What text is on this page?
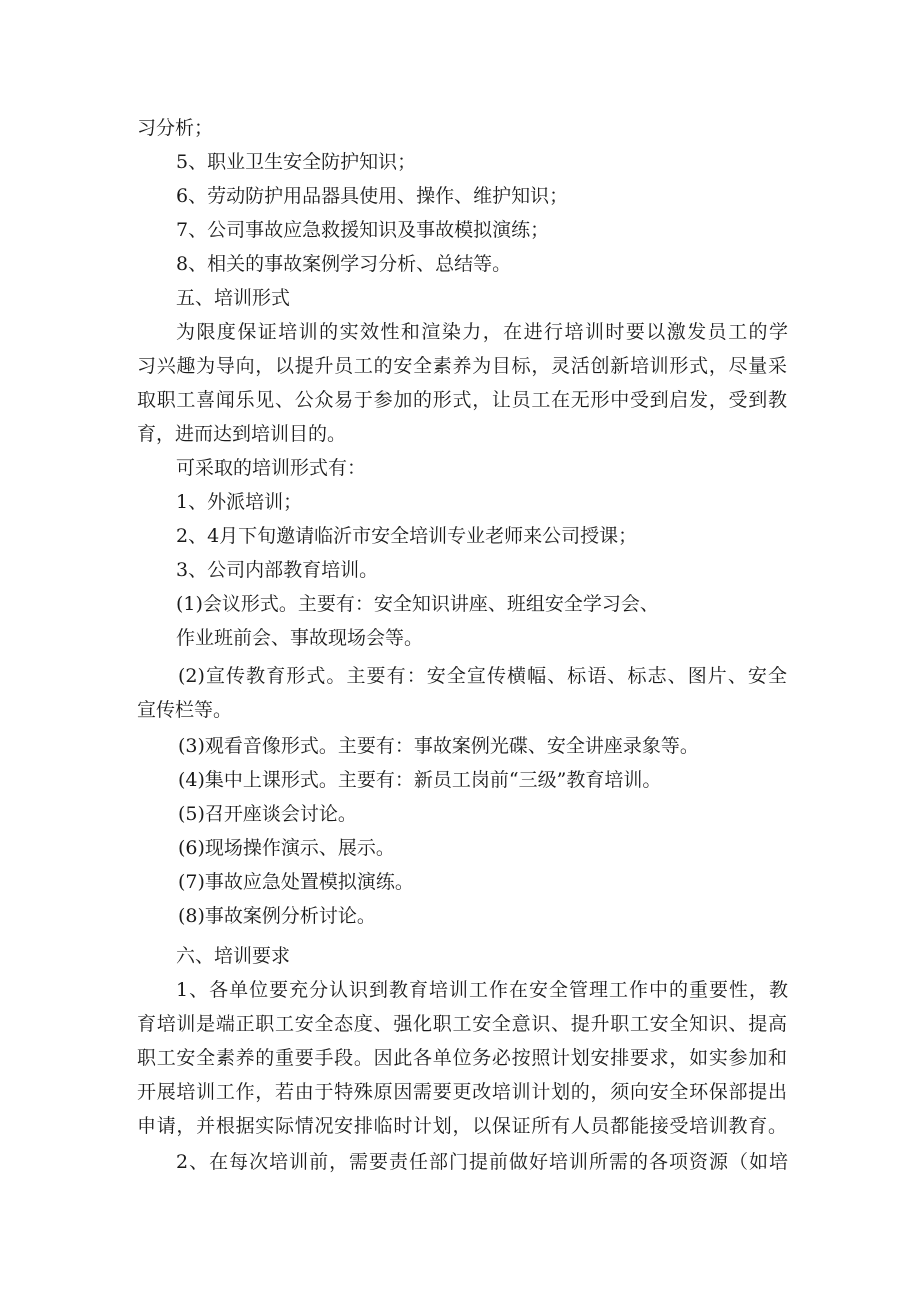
习分析；
5、职业卫生安全防护知识；
6、劳动防护用品器具使用、操作、维护知识；
7、公司事故应急救援知识及事故模拟演练；
8、相关的事故案例学习分析、总结等。
五、培训形式
为限度保证培训的实效性和渲染力，在进行培训时要以激发员工的学
习兴趣为导向，以提升员工的安全素养为目标，灵活创新培训形式，尽量采
取职工喜闻乐见、公众易于参加的形式，让员工在无形中受到启发，受到教
育，进而达到培训目的。
可采取的培训形式有：
1、外派培训；
2、4月下旬邀请临沂市安全培训专业老师来公司授课；
3、公司内部教育培训。
(1)会议形式。主要有：安全知识讲座、班组安全学习会、
作业班前会、事故现场会等。
(2)宣传教育形式。主要有：安全宣传横幅、标语、标志、图片、安全
宣传栏等。
(3)观看音像形式。主要有：事故案例光碟、安全讲座录象等。
(4)集中上课形式。主要有：新员工岗前“三级”教育培训。
(5)召开座谈会讨论。
(6)现场操作演示、展示。
(7)事故应急处置模拟演练。
(8)事故案例分析讨论。
六、培训要求
1、各单位要充分认识到教育培训工作在安全管理工作中的重要性，教
育培训是端正职工安全态度、强化职工安全意识、提升职工安全知识、提高
职工安全素养的重要手段。因此各单位务必按照计划安排要求，如实参加和
开展培训工作，若由于特殊原因需要更改培训计划的，须向安全环保部提出
申请，并根据实际情况安排临时计划，以保证所有人员都能接受培训教育。
2、在每次培训前，需要责任部门提前做好培训所需的各项资源（如培
